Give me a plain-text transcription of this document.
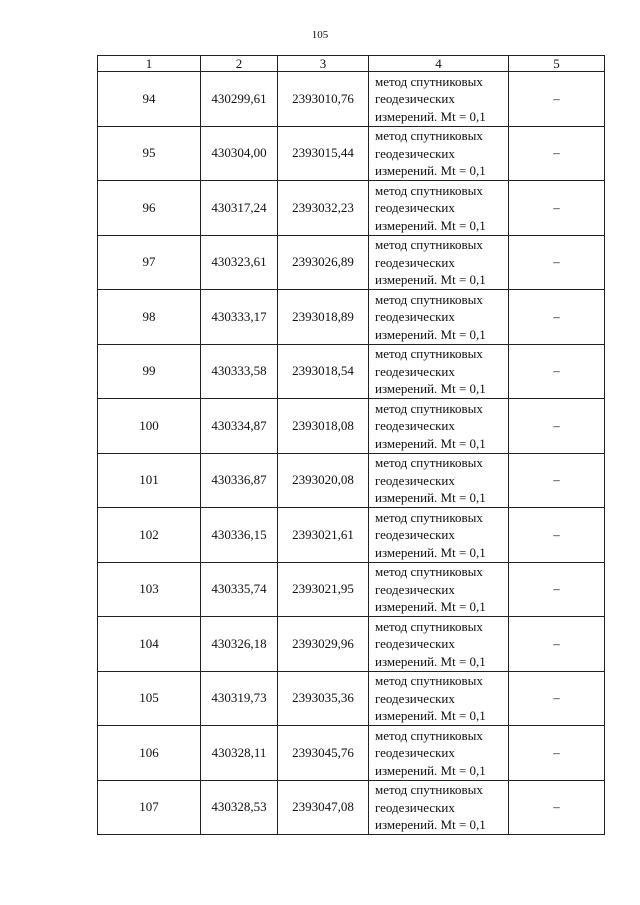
105
1	2	3	4	5
94	430299,61	2393010,76	метод спутниковых
геодезических
измерений. Mt = 0,1	–
95	430304,00	2393015,44	метод спутниковых
геодезических
измерений. Mt = 0,1	–
96	430317,24	2393032,23	метод спутниковых
геодезических
измерений. Mt = 0,1	–
97	430323,61	2393026,89	метод спутниковых
геодезических
измерений. Mt = 0,1	–
98	430333,17	2393018,89	метод спутниковых
геодезических
измерений. Mt = 0,1	–
99	430333,58	2393018,54	метод спутниковых
геодезических
измерений. Mt = 0,1	–
100	430334,87	2393018,08	метод спутниковых
геодезических
измерений. Mt = 0,1	–
101	430336,87	2393020,08	метод спутниковых
геодезических
измерений. Mt = 0,1	–
102	430336,15	2393021,61	метод спутниковых
геодезических
измерений. Mt = 0,1	–
103	430335,74	2393021,95	метод спутниковых
геодезических
измерений. Mt = 0,1	–
104	430326,18	2393029,96	метод спутниковых
геодезических
измерений. Mt = 0,1	–
105	430319,73	2393035,36	метод спутниковых
геодезических
измерений. Mt = 0,1	–
106	430328,11	2393045,76	метод спутниковых
геодезических
измерений. Mt = 0,1	–
107	430328,53	2393047,08	метод спутниковых
геодезических
измерений. Mt = 0,1	–
